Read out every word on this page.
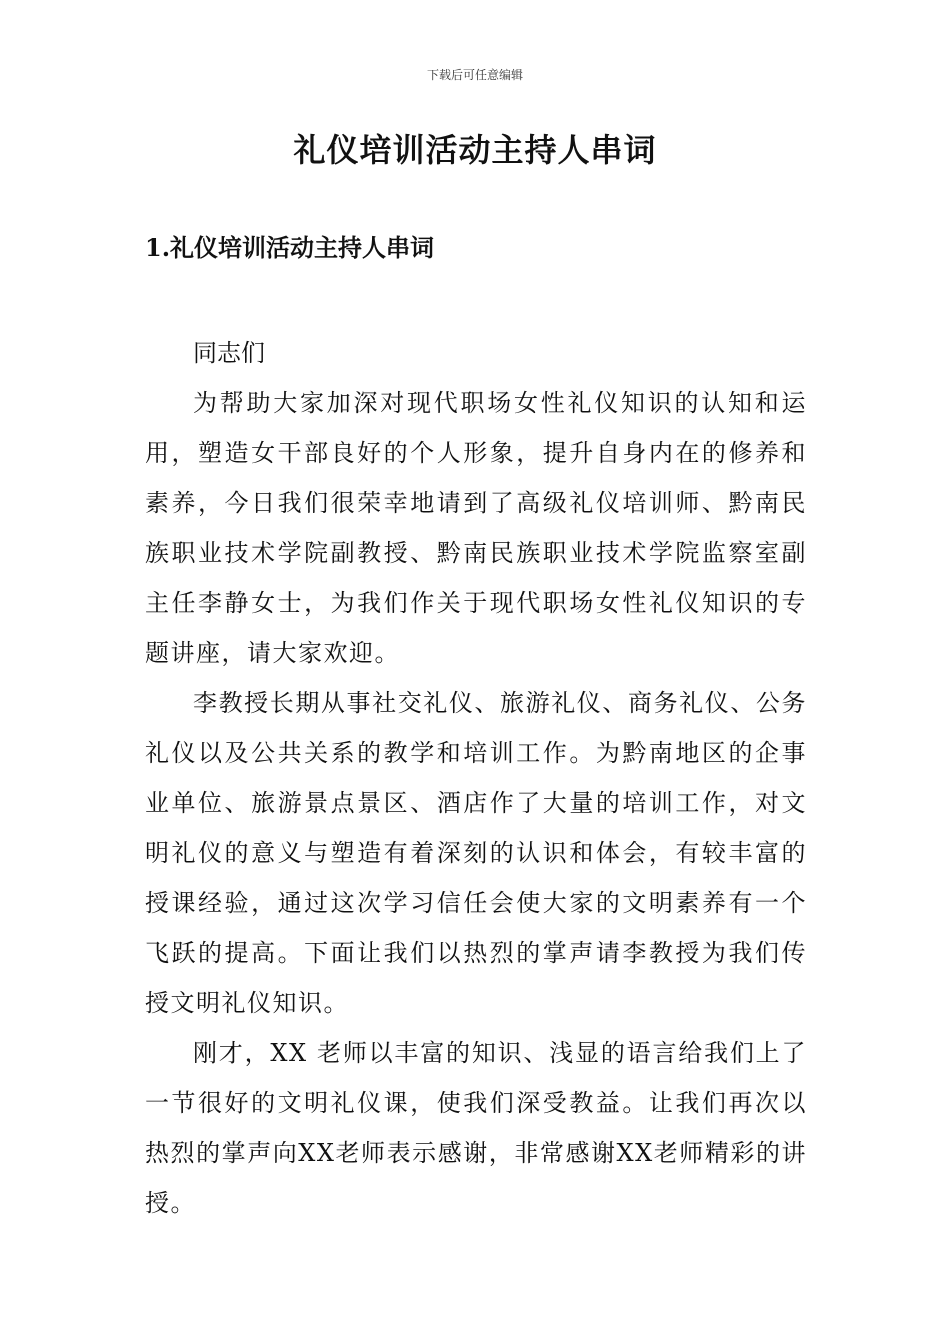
下载后可任意编辑
礼仪培训活动主持人串词
1.礼仪培训活动主持人串词

同志们

为帮助大家加深对现代职场女性礼仪知识的认知和运用，塑造女干部良好的个人形象，提升自身内在的修养和素养，今日我们很荣幸地请到了高级礼仪培训师、黔南民族职业技术学院副教授、黔南民族职业技术学院监察室副主任李静女士，为我们作关于现代职场女性礼仪知识的专题讲座，请大家欢迎。

李教授长期从事社交礼仪、旅游礼仪、商务礼仪、公务礼仪以及公共关系的教学和培训工作。为黔南地区的企事业单位、旅游景点景区、酒店作了大量的培训工作，对文明礼仪的意义与塑造有着深刻的认识和体会，有较丰富的授课经验，通过这次学习信任会使大家的文明素养有一个飞跃的提高。下面让我们以热烈的掌声请李教授为我们传授文明礼仪知识。

刚才，XX 老师以丰富的知识、浅显的语言给我们上了一节很好的文明礼仪课，使我们深受教益。让我们再次以热烈的掌声向XX老师表示感谢，非常感谢XX老师精彩的讲授。
